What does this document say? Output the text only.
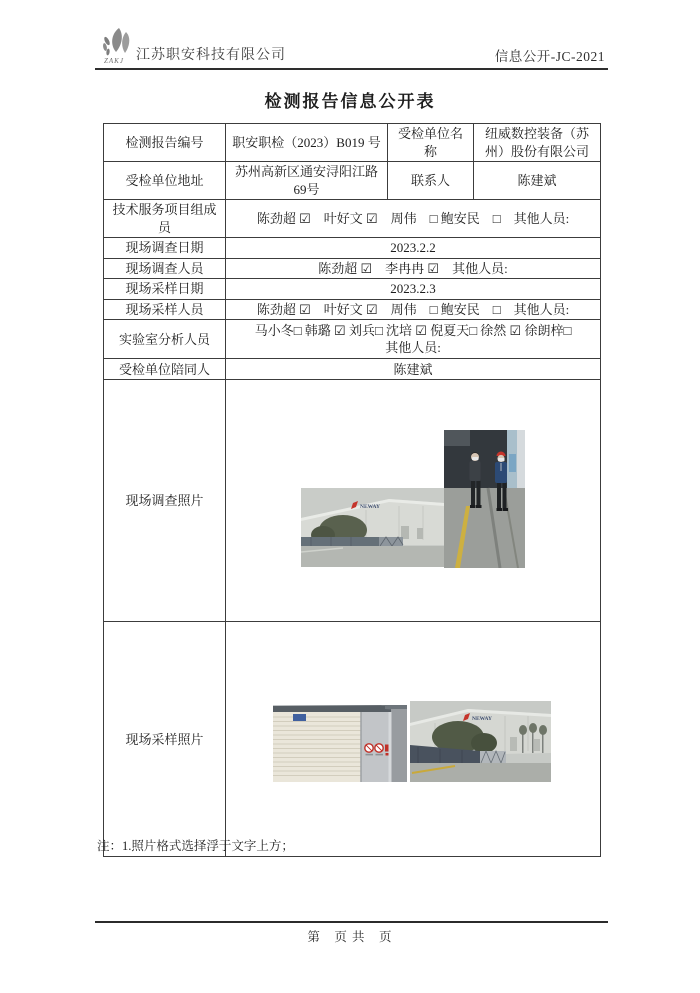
ZAKJ 江苏职安科技有限公司	信息公开-JC-2021
检测报告信息公开表
检测报告编号	职安职检（2023）B019 号	受检单位名称	纽威数控装备（苏州）股份有限公司
受检单位地址	苏州高新区通安浔阳江路 69号	联系人	陈建斌
技术服务项目组成员	陈劲超 ☑　叶好文 ☑　周伟　□ 鲍安民　□　其他人员:		
现场调查日期	2023.2.2		
现场调查人员	陈劲超 ☑　李冉冉 ☑　其他人员:		
现场采样日期	2023.2.3		
现场采样人员	陈劲超 ☑　叶好文 ☑　周伟　□ 鲍安民　□　其他人员:		
实验室分析人员	马小冬□ 韩璐 ☑ 刘兵□ 沈培 ☑ 倪夏天□ 徐然 ☑ 徐朗梓□
其他人员:		

受检单位陪同人	陈建斌		
现场调查照片	NEWAY		

现场采样照片	NEWAY		
注：1.照片格式选择浮于文字上方；
第　页 共　页
